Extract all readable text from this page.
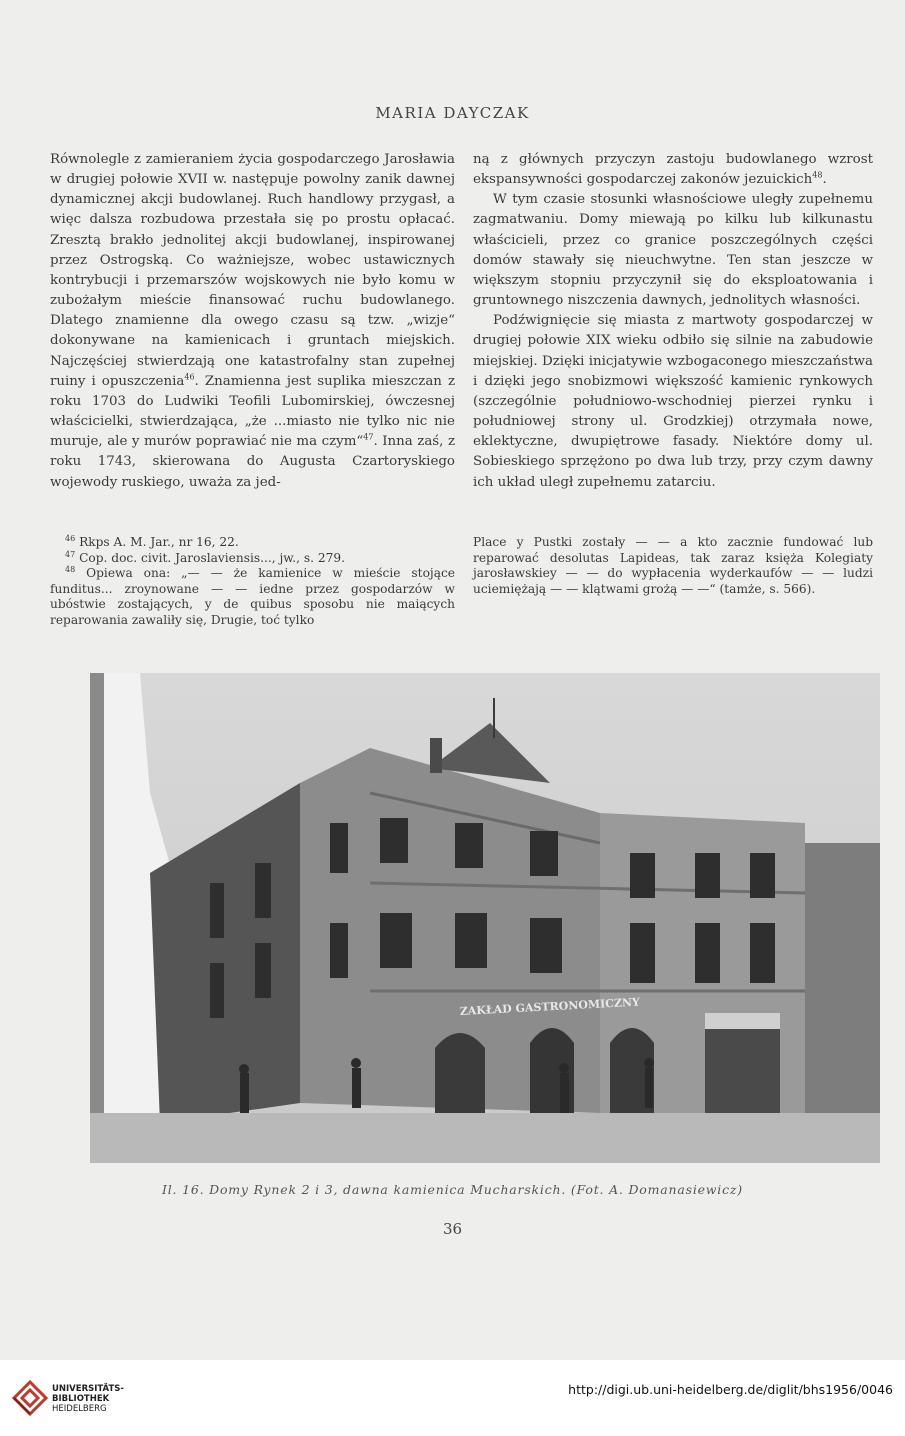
MARIA DAYCZAK

Równolegle z zamieraniem życia gospodarczego Jarosławia w drugiej połowie XVII w. następuje powolny zanik dawnej dynamicznej akcji budowlanej. Ruch handlowy przygasł, a więc dalsza rozbudowa przestała się po prostu opłacać. Zresztą brakło jednolitej akcji budowlanej, inspirowanej przez Ostrogską. Co ważniejsze, wobec ustawicznych kontrybucji i przemarszów wojskowych nie było komu w zubożałym mieście finansować ruchu budowlanego. Dlatego znamienne dla owego czasu są tzw. „wizje“ dokonywane na kamienicach i gruntach miejskich. Najczęściej stwierdzają one katastrofalny stan zupełnej ruiny i opuszczenia$^{46}$. Znamienna jest suplika mieszczan z roku 1703 do Ludwiki Teofili Lubomirskiej, ówczesnej właścicielki, stwierdzająca, „że ...miasto nie tylko nic nie muruje, ale y murów poprawiać nie ma czym“$^{47}$. Inna zaś, z roku 1743, skierowana do Augusta Czartoryskiego wojewody ruskiego, uważa za jed-

ną z głównych przyczyn zastoju budowlanego wzrost ekspansywności gospodarczej zakonów jezuickich$^{48}$.

W tym czasie stosunki własnościowe uległy zupełnemu zagmatwaniu. Domy miewają po kilku lub kilkunastu właścicieli, przez co granice poszczególnych części domów stawały się nieuchwytne. Ten stan jeszcze w większym stopniu przyczynił się do eksploatowania i gruntownego niszczenia dawnych, jednolitych własności.

Podźwignięcie się miasta z martwoty gospodarczej w drugiej połowie XIX wieku odbiło się silnie na zabudowie miejskiej. Dzięki inicjatywie wzbogaconego mieszczaństwa i dzięki jego snobizmowi większość kamienic rynkowych (szczególnie południowo-wschodniej pierzei rynku i południowej strony ul. Grodzkiej) otrzymała nowe, eklektyczne, dwupiętrowe fasady. Niektóre domy ul. Sobieskiego sprzężono po dwa lub trzy, przy czym dawny ich układ uległ zupełnemu zatarciu.

$^{46}$ Rkps A. M. Jar., nr 16, 22.

$^{47}$ Cop. doc. civit. Jaroslaviensis..., jw., s. 279.

$^{48}$ Opiewa ona: „— — że kamienice w mieście stojące funditus... zroynowane — — iedne przez gospodarzów w ubóstwie zostających, y de quibus sposobu nie maiących reparowania zawaliły się, Drugie, toć tylko

Place y Pustki zostały — — a kto zacznie fundować lub reparować desolutas Lapideas, tak zaraz księża Kolegiaty jarosławskiey — — do wypłacenia wyderkaufów — — ludzi uciemiężają — — klątwami grożą — —“ (tamże, s. 566).

ZAKŁAD GASTRONOMICZNY
Il. 16. Domy Rynek 2 i 3, dawna kamienica Mucharskich. (Fot. A. Domanasiewicz)
36
UNIVERSITÄTS-
BIBLIOTHEK
HEIDELBERG
http://digi.ub.uni-heidelberg.de/diglit/bhs1956/0046
